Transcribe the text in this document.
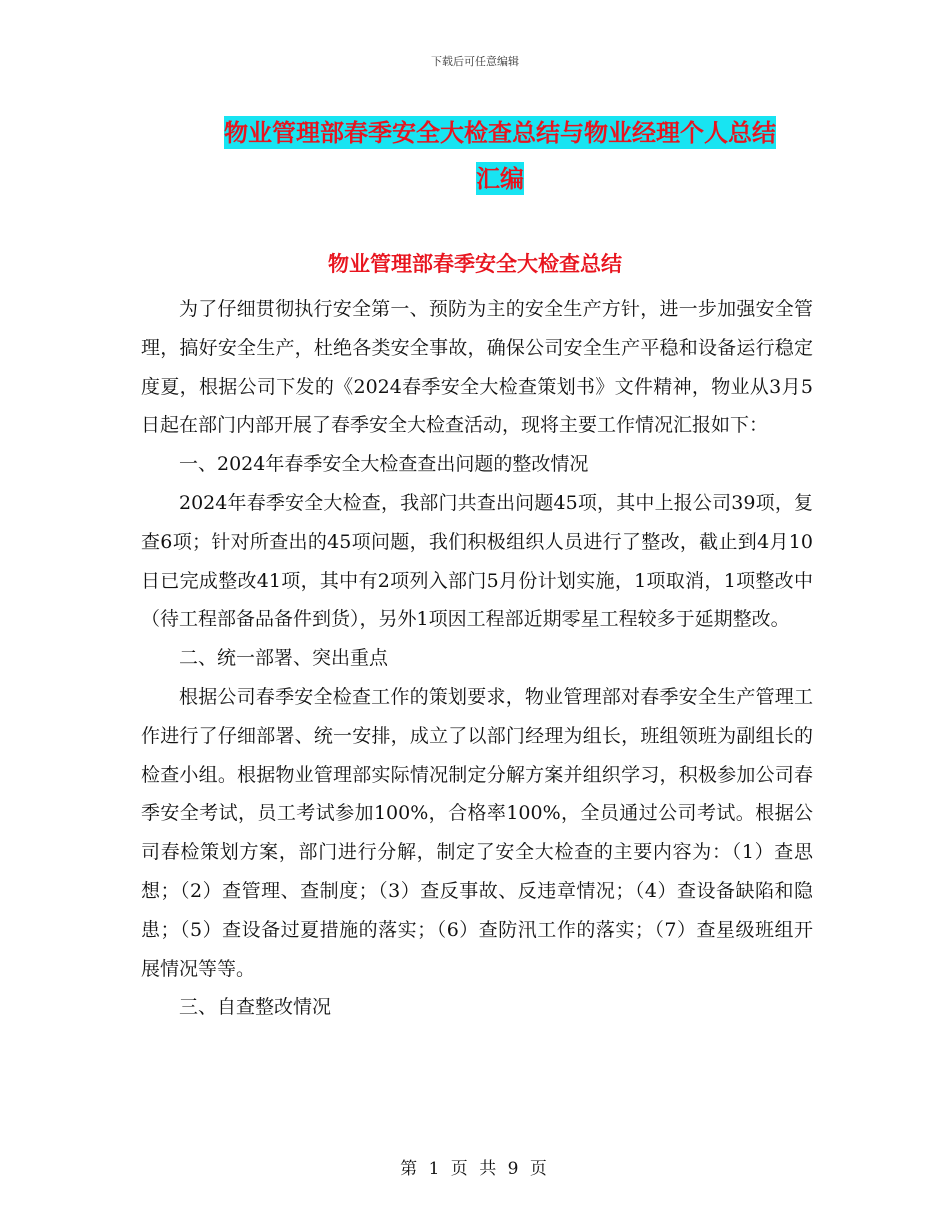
下载后可任意编辑
物业管理部春季安全大检查总结与物业经理个人总结
汇编
物业管理部春季安全大检查总结

为了仔细贯彻执行安全第一、预防为主的安全生产方针，进一步加强安全管理，搞好安全生产，杜绝各类安全事故，确保公司安全生产平稳和设备运行稳定度夏，根据公司下发的《2024春季安全大检查策划书》文件精神，物业从3月5日起在部门内部开展了春季安全大检查活动，现将主要工作情况汇报如下：

一、2024年春季安全大检查查出问题的整改情况

2024年春季安全大检查，我部门共查出问题45项，其中上报公司39项，复查6项；针对所查出的45项问题，我们积极组织人员进行了整改，截止到4月10日已完成整改41项，其中有2项列入部门5月份计划实施，1项取消，1项整改中（待工程部备品备件到货），另外1项因工程部近期零星工程较多于延期整改。

二、统一部署、突出重点

根据公司春季安全检查工作的策划要求，物业管理部对春季安全生产管理工作进行了仔细部署、统一安排，成立了以部门经理为组长，班组领班为副组长的检查小组。根据物业管理部实际情况制定分解方案并组织学习，积极参加公司春季安全考试，员工考试参加100%，合格率100%，全员通过公司考试。根据公司春检策划方案，部门进行分解，制定了安全大检查的主要内容为：（1）查思想；（2）查管理、查制度；（3）查反事故、反违章情况；（4）查设备缺陷和隐患；（5）查设备过夏措施的落实；（6）查防汛工作的落实；（7）查星级班组开展情况等等。

三、自查整改情况

第 1 页 共 9 页
